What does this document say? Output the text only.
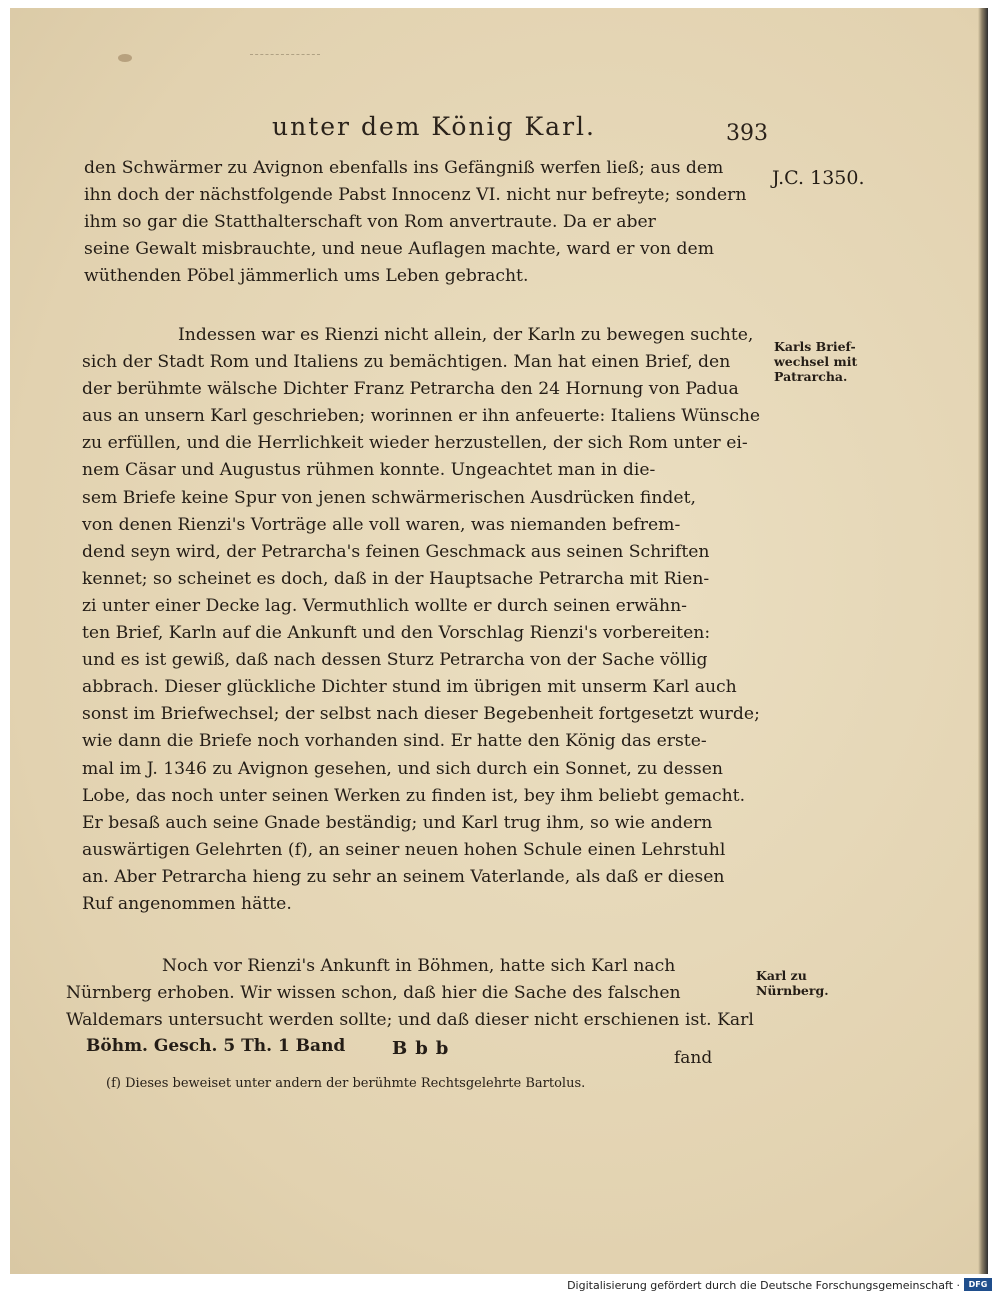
unter dem König Karl.	393
den Schwärmer zu Avignon ebenfalls ins Gefängniß werfen ließ; aus dem
ihn doch der nächstfolgende Pabst Innocenz VI. nicht nur befreyte; sondern
ihm so gar die Statthalterschaft von Rom anvertraute. Da er aber
seine Gewalt misbrauchte, und neue Auflagen machte, ward er von dem
wüthenden Pöbel jämmerlich ums Leben gebracht.
J.C. 1350.
Indessen war es Rienzi nicht allein, der Karln zu bewegen suchte,
sich der Stadt Rom und Italiens zu bemächtigen. Man hat einen Brief, den
der berühmte wälsche Dichter Franz Petrarcha den 24 Hornung von Padua
aus an unsern Karl geschrieben; worinnen er ihn anfeuerte: Italiens Wünsche
zu erfüllen, und die Herrlichkeit wieder herzustellen, der sich Rom unter ei-
nem Cäsar und Augustus rühmen konnte. Ungeachtet man in die-
sem Briefe keine Spur von jenen schwärmerischen Ausdrücken findet,
von denen Rienzi's Vorträge alle voll waren, was niemanden befrem-
dend seyn wird, der Petrarcha's feinen Geschmack aus seinen Schriften
kennet; so scheinet es doch, daß in der Hauptsache Petrarcha mit Rien-
zi unter einer Decke lag. Vermuthlich wollte er durch seinen erwähn-
ten Brief, Karln auf die Ankunft und den Vorschlag Rienzi's vorbereiten:
und es ist gewiß, daß nach dessen Sturz Petrarcha von der Sache völlig
abbrach. Dieser glückliche Dichter stund im übrigen mit unserm Karl auch
sonst im Briefwechsel; der selbst nach dieser Begebenheit fortgesetzt wurde;
wie dann die Briefe noch vorhanden sind. Er hatte den König das erste-
mal im J. 1346 zu Avignon gesehen, und sich durch ein Sonnet, zu dessen
Lobe, das noch unter seinen Werken zu finden ist, bey ihm beliebt gemacht.
Er besaß auch seine Gnade beständig; und Karl trug ihm, so wie andern
auswärtigen Gelehrten (f), an seiner neuen hohen Schule einen Lehrstuhl
an. Aber Petrarcha hieng zu sehr an seinem Vaterlande, als daß er diesen
Ruf angenommen hätte.
Karls Brief-
wechsel mit
Patrarcha.
Noch vor Rienzi's Ankunft in Böhmen, hatte sich Karl nach
Nürnberg erhoben. Wir wissen schon, daß hier die Sache des falschen
Waldemars untersucht werden sollte; und daß dieser nicht erschienen ist. Karl
Karl zu
Nürnberg.
Böhm. Gesch. 5 Th. 1 Band	Bbb	fand
(f) Dieses beweiset unter andern der berühmte Rechtsgelehrte Bartolus.
Digitalisierung gefördert durch die Deutsche Forschungsgemeinschaft ·	DFG
